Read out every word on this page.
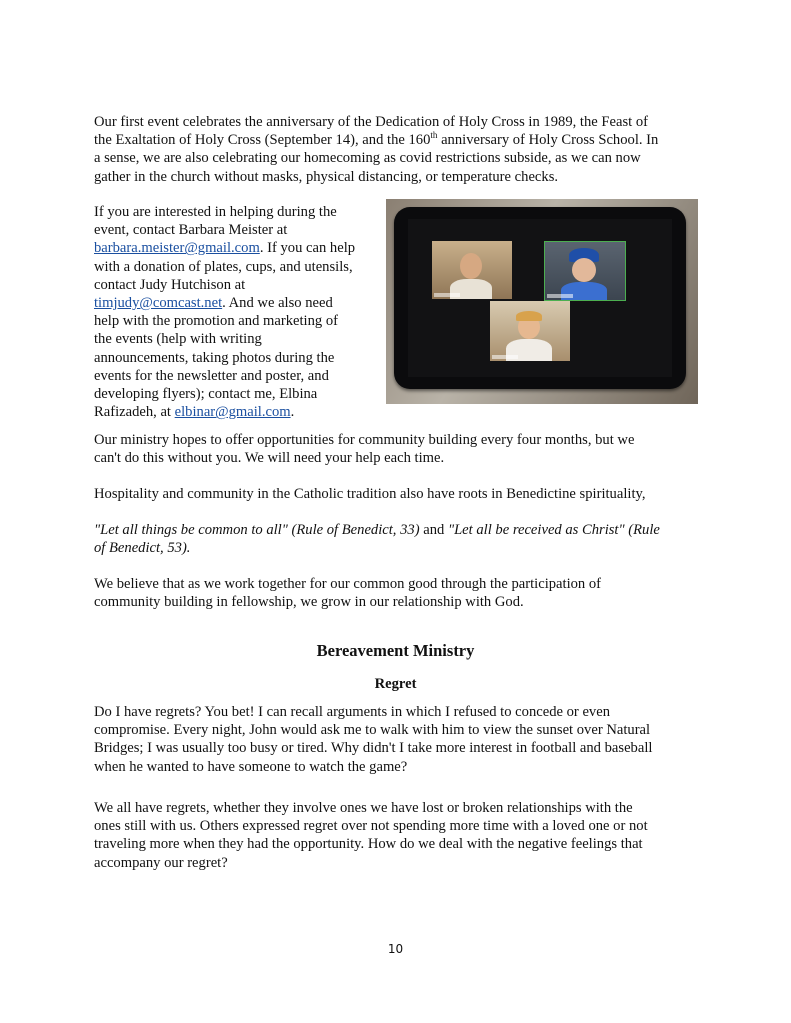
Our first event celebrates the anniversary of the Dedication of Holy Cross in 1989, the Feast of
the Exaltation of Holy Cross (September 14), and the 160th anniversary of Holy Cross School. In
a sense, we are also celebrating our homecoming as covid restrictions subside, as we can now
gather in the church without masks, physical distancing, or temperature checks.

If you are interested in helping during the
event, contact Barbara Meister at
barbara.meister@gmail.com. If you can help
with a donation of plates, cups, and utensils,
contact Judy Hutchison at
timjudy@comcast.net. And we also need
help with the promotion and marketing of
the events (help with writing
announcements, taking photos during the
events for the newsletter and poster, and
developing flyers); contact me, Elbina
Rafizadeh, at elbinar@gmail.com.

Our ministry hopes to offer opportunities for community building every four months, but we
can't do this without you. We will need your help each time.

Hospitality and community in the Catholic tradition also have roots in Benedictine spirituality,

"Let all things be common to all" (Rule of Benedict, 33) and "Let all be received as Christ" (Rule
of Benedict, 53).

We believe that as we work together for our common good through the participation of
community building in fellowship, we grow in our relationship with God.

Bereavement Ministry
Regret

Do I have regrets? You bet! I can recall arguments in which I refused to concede or even
compromise. Every night, John would ask me to walk with him to view the sunset over Natural
Bridges; I was usually too busy or tired. Why didn't I take more interest in football and baseball
when he wanted to have someone to watch the game?

We all have regrets, whether they involve ones we have lost or broken relationships with the
ones still with us. Others expressed regret over not spending more time with a loved one or not
traveling more when they had the opportunity. How do we deal with the negative feelings that
accompany our regret?

10
